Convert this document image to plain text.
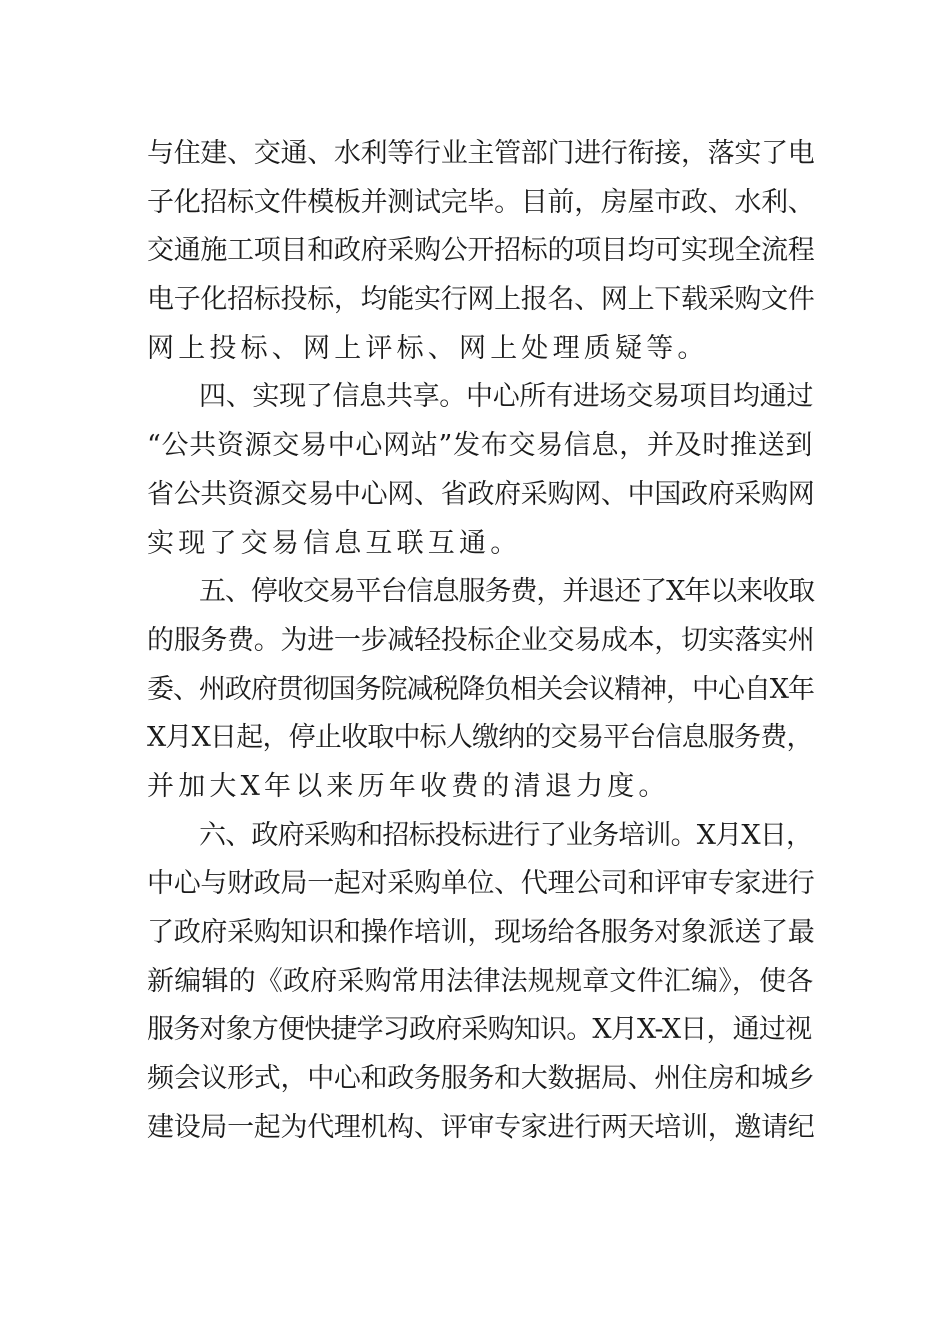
与住建、交通、水利等行业主管部门进行衔接，落实了电
子化招标文件模板并测试完毕。目前，房屋市政、水利、
交通施工项目和政府采购公开招标的项目均可实现全流程
电子化招标投标，均能实行网上报名、网上下载采购文件
网上投标、网上评标、网上处理质疑等。
四、实现了信息共享。中心所有进场交易项目均通过
“公共资源交易中心网站”发布交易信息，并及时推送到
省公共资源交易中心网、省政府采购网、中国政府采购网
实现了交易信息互联互通。
五、停收交易平台信息服务费，并退还了X年以来收取
的服务费。为进一步减轻投标企业交易成本，切实落实州
委、州政府贯彻国务院减税降负相关会议精神，中心自X年
X月X日起，停止收取中标人缴纳的交易平台信息服务费，
并加大X年以来历年收费的清退力度。
六、政府采购和招标投标进行了业务培训。X月X日，
中心与财政局一起对采购单位、代理公司和评审专家进行
了政府采购知识和操作培训，现场给各服务对象派送了最
新编辑的《政府采购常用法律法规规章文件汇编》，使各
服务对象方便快捷学习政府采购知识。X月X-X日，通过视
频会议形式，中心和政务服务和大数据局、州住房和城乡
建设局一起为代理机构、评审专家进行两天培训，邀请纪
